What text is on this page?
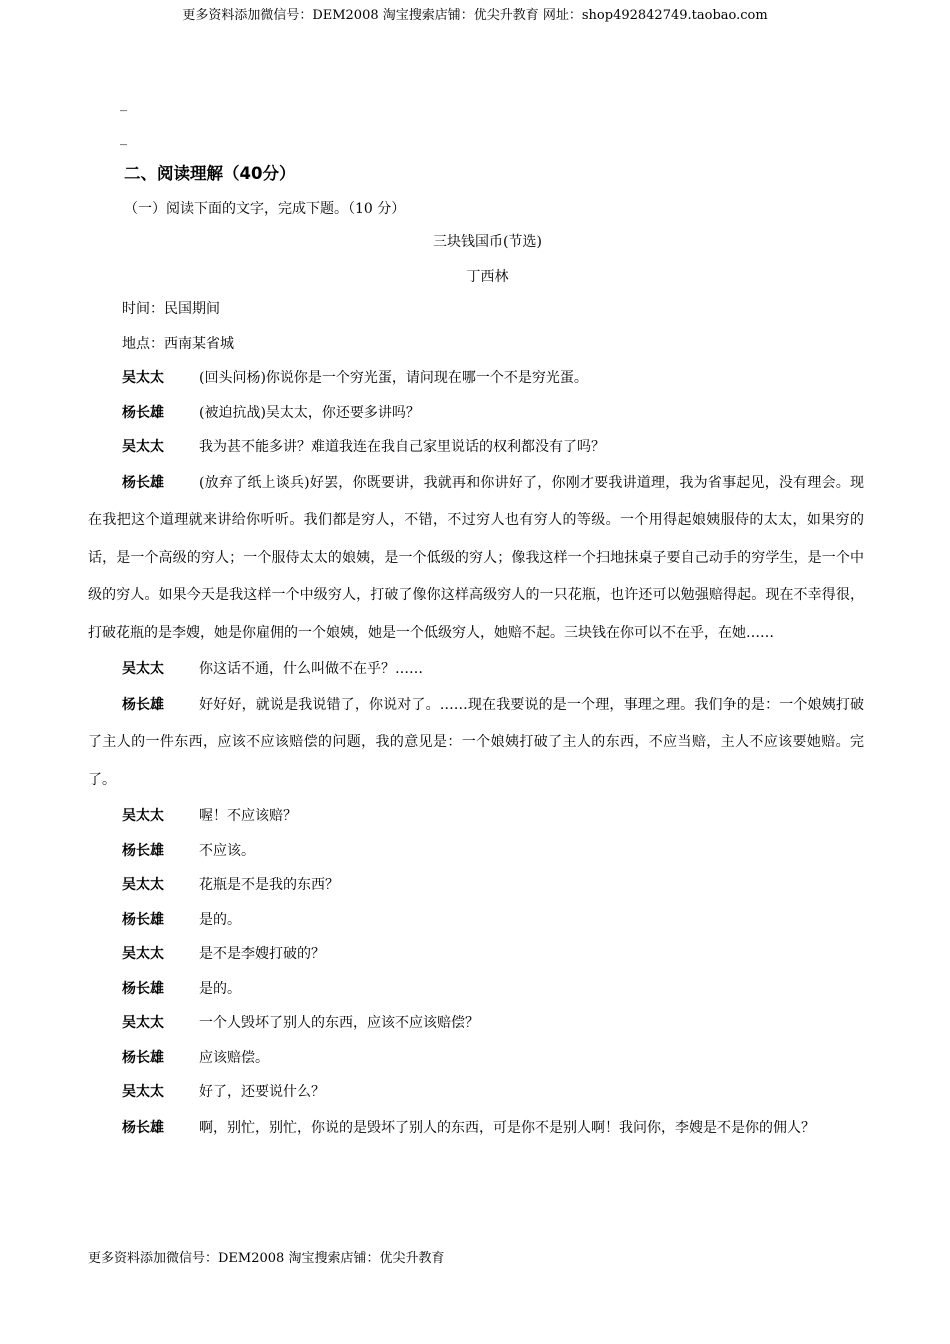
更多资料添加微信号：DEM2008 淘宝搜索店铺：优尖升教育 网址：shop492842749.taobao.com
_
_
二、阅读理解（40分）
（一）阅读下面的文字，完成下题。（10 分）
三块钱国币(节选)
丁西林
时间：民国期间
地点：西南某省城
吴太太	(回头问杨)你说你是一个穷光蛋，请问现在哪一个不是穷光蛋。
杨长雄	(被迫抗战)吴太太，你还要多讲吗？
吴太太	我为甚不能多讲？难道我连在我自己家里说话的权利都没有了吗？

杨长雄	(放弃了纸上谈兵)好罢，你既要讲，我就再和你讲好了，你刚才要我讲道理，我为省事起见，没有理会。现在我把这个道理就来讲给你听听。我们都是穷人，不错，不过穷人也有穷人的等级。一个用得起娘姨服侍的太太，如果穷的话，是一个高级的穷人；一个服侍太太的娘姨，是一个低级的穷人；像我这样一个扫地抹桌子要自己动手的穷学生，是一个中级的穷人。如果今天是我这样一个中级穷人，打破了像你这样高级穷人的一只花瓶，也许还可以勉强赔得起。现在不幸得很，打破花瓶的是李嫂，她是你雇佣的一个娘姨，她是一个低级穷人，她赔不起。三块钱在你可以不在乎，在她……

吴太太	你这话不通，什么叫做不在乎？……

杨长雄	好好好，就说是我说错了，你说对了。……现在我要说的是一个理，事理之理。我们争的是：一个娘姨打破了主人的一件东西，应该不应该赔偿的问题，我的意见是：一个娘姨打破了主人的东西，不应当赔，主人不应该要她赔。完了。

吴太太	喔！不应该赔？
杨长雄	不应该。
吴太太	花瓶是不是我的东西？
杨长雄	是的。
吴太太	是不是李嫂打破的？
杨长雄	是的。
吴太太	一个人毁坏了别人的东西，应该不应该赔偿？
杨长雄	应该赔偿。
吴太太	好了，还要说什么？

杨长雄	啊，别忙，别忙，你说的是毁坏了别人的东西，可是你不是别人啊！我问你，李嫂是不是你的佣人？

更多资料添加微信号：DEM2008 淘宝搜索店铺：优尖升教育
